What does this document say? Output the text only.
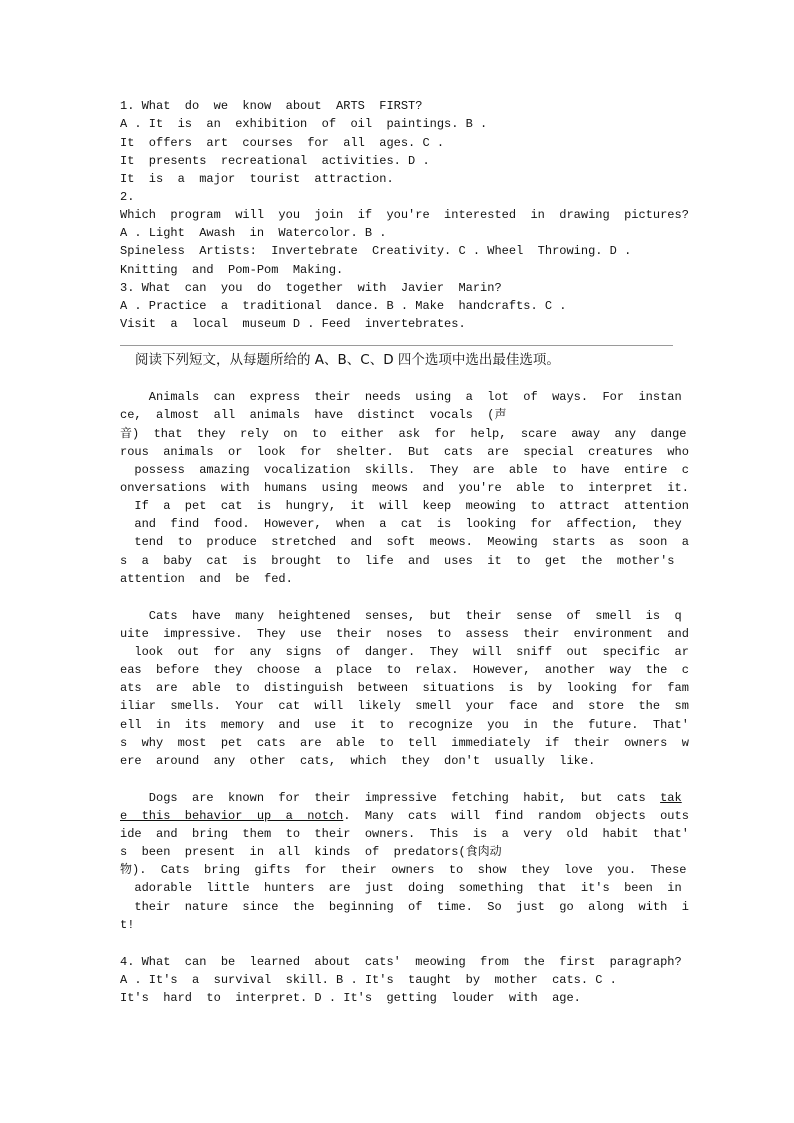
1. What  do  we  know  about  ARTS  FIRST?
A . It  is  an  exhibition  of  oil  paintings. B .
It  offers  art  courses  for  all  ages. C .
It  presents  recreational  activities. D .
It  is  a  major  tourist  attraction.
2.
Which  program  will  you  join  if  you're  interested  in  drawing  pictures?
A . Light  Awash  in  Watercolor. B .
Spineless  Artists:  Invertebrate  Creativity. C . Wheel  Throwing. D .
Knitting  and  Pom-Pom  Making.
3. What  can  you  do  together  with  Javier  Marin?
A . Practice  a  traditional  dance. B . Make  handcrafts. C .
Visit  a  local  museum D . Feed  invertebrates.
阅读下列短文，从每题所给的 A、B、C、D 四个选项中选出最佳选项。
Animals  can  express  their  needs  using  a  lot  of  ways.  For  instan
ce,  almost  all  animals  have  distinct  vocals  (声
音)  that  they  rely  on  to  either  ask  for  help,  scare  away  any  dange
rous  animals  or  look  for  shelter.  But  cats  are  special  creatures  who
possess  amazing  vocalization  skills.  They  are  able  to  have  entire  c
onversations  with  humans  using  meows  and  you're  able  to  interpret  it.
If  a  pet  cat  is  hungry,  it  will  keep  meowing  to  attract  attention
and  find  food.  However,  when  a  cat  is  looking  for  affection,  they
tend  to  produce  stretched  and  soft  meows.  Meowing  starts  as  soon  a
s  a  baby  cat  is  brought  to  life  and  uses  it  to  get  the  mother's
attention  and  be  fed.
Cats  have  many  heightened  senses,  but  their  sense  of  smell  is  q
uite  impressive.  They  use  their  noses  to  assess  their  environment  and
look  out  for  any  signs  of  danger.  They  will  sniff  out  specific  ar
eas  before  they  choose  a  place  to  relax.  However,  another  way  the  c
ats  are  able  to  distinguish  between  situations  is  by  looking  for  fam
iliar  smells.  Your  cat  will  likely  smell  your  face  and  store  the  sm
ell  in  its  memory  and  use  it  to  recognize  you  in  the  future.  That'
s  why  most  pet  cats  are  able  to  tell  immediately  if  their  owners  w
ere  around  any  other  cats,  which  they  don't  usually  like.
Dogs  are  known  for  their  impressive  fetching  habit,  but  cats  tak
e  this  behavior  up  a  notch.  Many  cats  will  find  random  objects  outs
ide  and  bring  them  to  their  owners.  This  is  a  very  old  habit  that'
s  been  present  in  all  kinds  of  predators(食肉动
物).  Cats  bring  gifts  for  their  owners  to  show  they  love  you.  These
adorable  little  hunters  are  just  doing  something  that  it's  been  in
their  nature  since  the  beginning  of  time.  So  just  go  along  with  i
t!
4. What  can  be  learned  about  cats'  meowing  from  the  first  paragraph?
A . It's  a  survival  skill. B . It's  taught  by  mother  cats. C .
It's  hard  to  interpret. D . It's  getting  louder  with  age.
